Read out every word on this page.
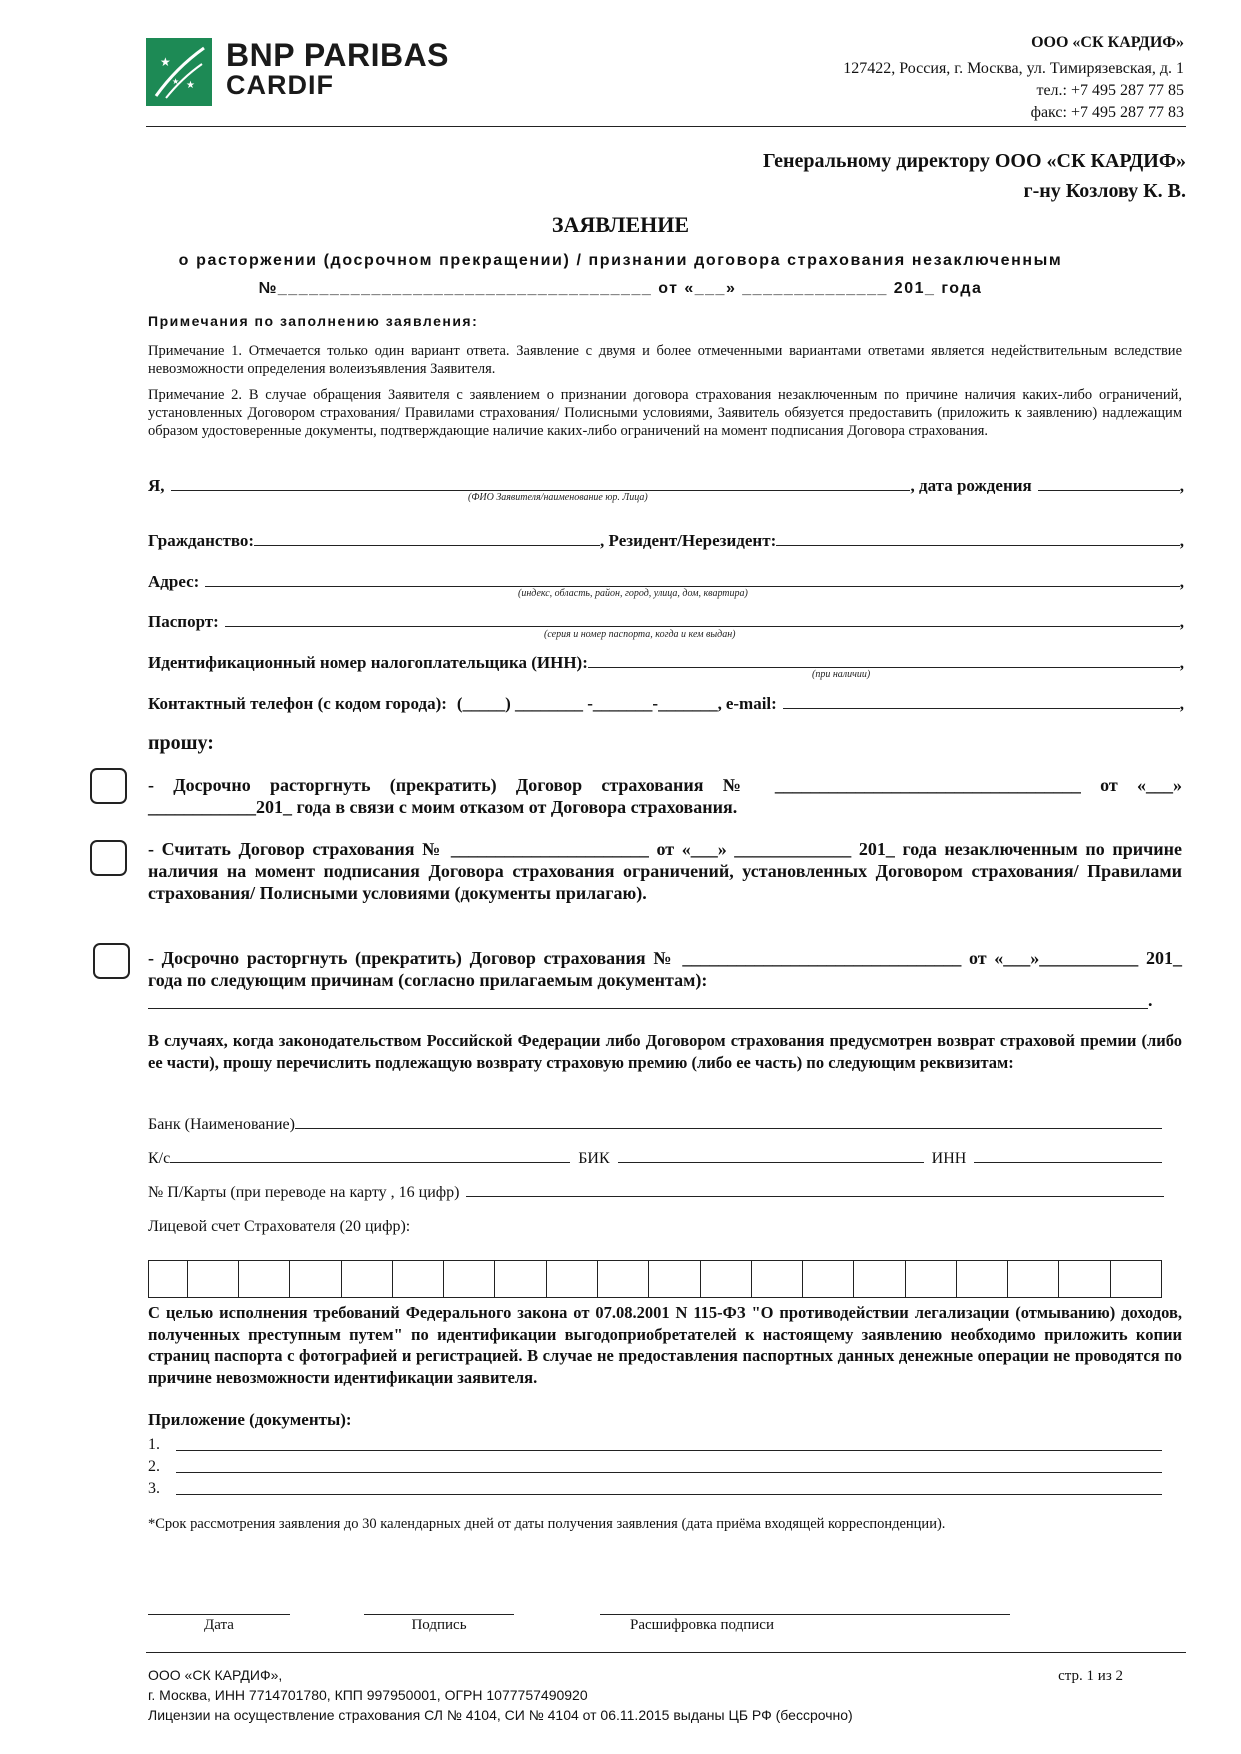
★
★
★
BNP PARIBAS
CARDIF
ООО «СК КАРДИФ»
127422, Россия, г. Москва, ул. Тимирязевская, д. 1
тел.: +7 495 287 77 85
факс: +7 495 287 77 83
Генеральному директору ООО «СК КАРДИФ»
г-ну Козлову К. В.
ЗАЯВЛЕНИЕ
о расторжении (досрочном прекращении) / признании договора страхования незаключенным
№____________________________________ от «___» ______________ 201_ года
Примечания по заполнению заявления:
Примечание 1. Отмечается только один вариант ответа. Заявление с двумя и более отмеченными вариантами ответами является недействительным вследствие невозможности определения волеизъявления Заявителя.
Примечание 2. В случае обращения Заявителя с заявлением о признании договора страхования незаключенным по причине наличия каких-либо ограничений, установленных Договором страхования/ Правилами страхования/ Полисными условиями, Заявитель обязуется предоставить (приложить к заявлению) надлежащим образом удостоверенные документы, подтверждающие наличие каких-либо ограничений на момент подписания Договора страхования.
Я,	, дата рождения	,
(ФИО Заявителя/наименование юр. Лица)
Гражданство:	, Резидент/Нерезидент:	,
Адрес:	,
(индекс, область, район, город, улица, дом, квартира)
Паспорт:	,
(серия и номер паспорта, когда и кем выдан)
Идентификационный номер налогоплательщика (ИНН):	,
(при наличии)
Контактный телефон (с кодом города): (_____) ________ -_______-_______, e-mail:	,
прошу:
- Досрочно расторгнуть (прекратить) Договор страхования № __________________________________ от «___» ____________201_ года в связи с моим отказом от Договора страхования.
- Считать Договор страхования № ______________________ от «___» _____________ 201_ года незаключенным по причине наличия на момент подписания Договора страхования ограничений, установленных Договором страхования/ Правилами страхования/ Полисными условиями (документы прилагаю).
- Досрочно расторгнуть (прекратить) Договор страхования № _______________________________ от «___»___________ 201_ года по следующим причинам (согласно прилагаемым документам):
.
В случаях, когда законодательством Российской Федерации либо Договором страхования предусмотрен возврат страховой премии (либо ее части), прошу перечислить подлежащую возврату страховую премию (либо ее часть) по следующим реквизитам:
Банк (Наименование)
К/с	БИК	ИНН
№ П/Карты (при переводе на карту , 16 цифр)
Лицевой счет Страхователя (20 цифр):
С целью исполнения требований Федерального закона от 07.08.2001 N 115-ФЗ "О противодействии легализации (отмыванию) доходов, полученных преступным путем" по идентификации выгодоприобретателей к настоящему заявлению необходимо приложить копии страниц паспорта с фотографией и регистрацией. В случае не предоставления паспортных данных денежные операции не проводятся по причине невозможности идентификации заявителя.
Приложение (документы):
1.
2.
3.
*Срок рассмотрения заявления до 30 календарных дней от даты получения заявления (дата приёма входящей корреспонденции).
Дата	Подпись	Расшифровка подписи
ООО «СК КАРДИФ»,
г. Москва, ИНН 7714701780, КПП 997950001, ОГРН 1077757490920
Лицензии на осуществление страхования СЛ № 4104, СИ № 4104 от 06.11.2015 выданы ЦБ РФ (бессрочно)
стр. 1 из 2
